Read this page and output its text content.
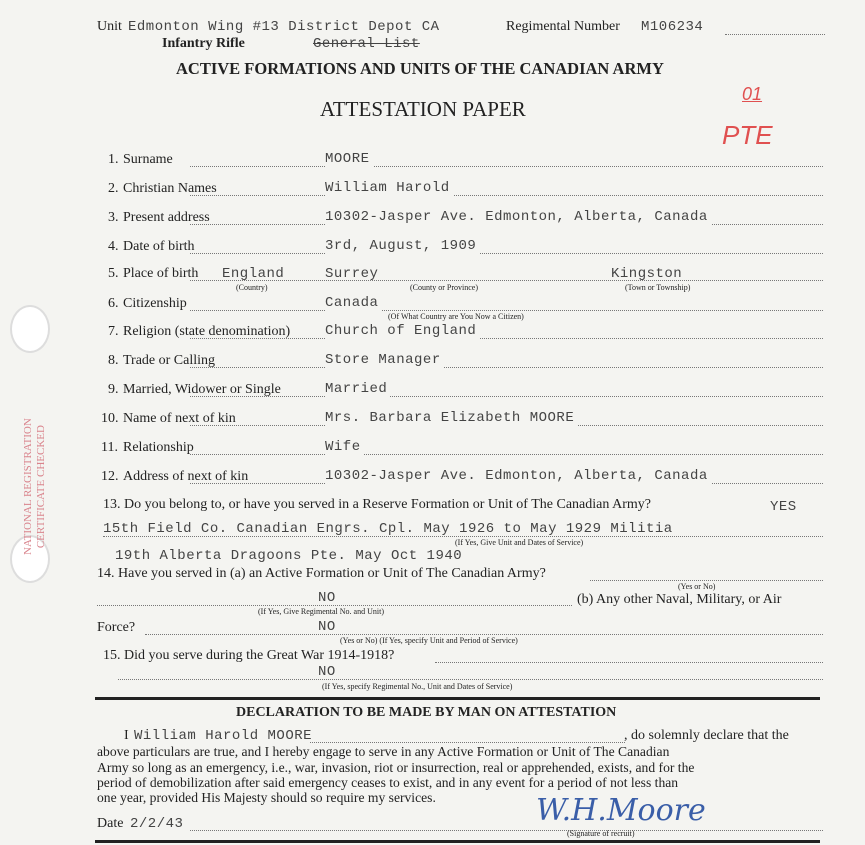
NATIONAL REGISTRATION CERTIFICATE CHECKED
Unit Edmonton Wing #13 District Depot CA	Regimental Number M106234
Infantry Rifle	General List
ACTIVE FORMATIONS AND UNITS OF THE CANADIAN ARMY
ATTESTATION PAPER
01
PTE
1. Surname	MOORE
2. Christian Names	William Harold
3. Present address	10302-Jasper Ave. Edmonton, Alberta, Canada
4. Date of birth	3rd, August, 1909
5. Place of birth England	Surrey	Kingston
(Country)	(County or Province)	(Town or Township)
6. Citizenship	Canada
(Of What Country are You Now a Citizen)
7. Religion (state denomination) Church of England
8. Trade or Calling	Store Manager
9. Married, Widower or Single	Married
10. Name of next of kin	Mrs. Barbara Elizabeth MOORE
11. Relationship	Wife
12. Address of next of kin	10302-Jasper Ave. Edmonton, Alberta, Canada
13. Do you belong to, or have you served in a Reserve Formation or Unit of The Canadian Army?	YES
15th Field Co. Canadian Engrs. Cpl. May 1926 to May 1929 Militia
(If Yes, Give Unit and Dates of Service)
19th Alberta Dragoons Pte. May Oct 1940
14. Have you served in (a) an Active Formation or Unit of The Canadian Army?
(Yes or No)
NO
(If Yes, Give Regimental No. and Unit)
(b) Any other Naval, Military, or Air
Force?	NO
(Yes or No) (If Yes, specify Unit and Period of Service)
15. Did you serve during the Great War 1914-1918?
NO
(If Yes, specify Regimental No., Unit and Dates of Service)
DECLARATION TO BE MADE BY MAN ON ATTESTATION
I William Harold MOORE	, do solemnly declare that the
above particulars are true, and I hereby engage to serve in any Active Formation or Unit of The Canadian
Army so long as an emergency, i.e., war, invasion, riot or insurrection, real or apprehended, exists, and for the
period of demobilization after said emergency ceases to exist, and in any event for a period of not less than
one year, provided His Majesty should so require my services.
Date 2/2/43	W.H.Moore
(Signature of recruit)
